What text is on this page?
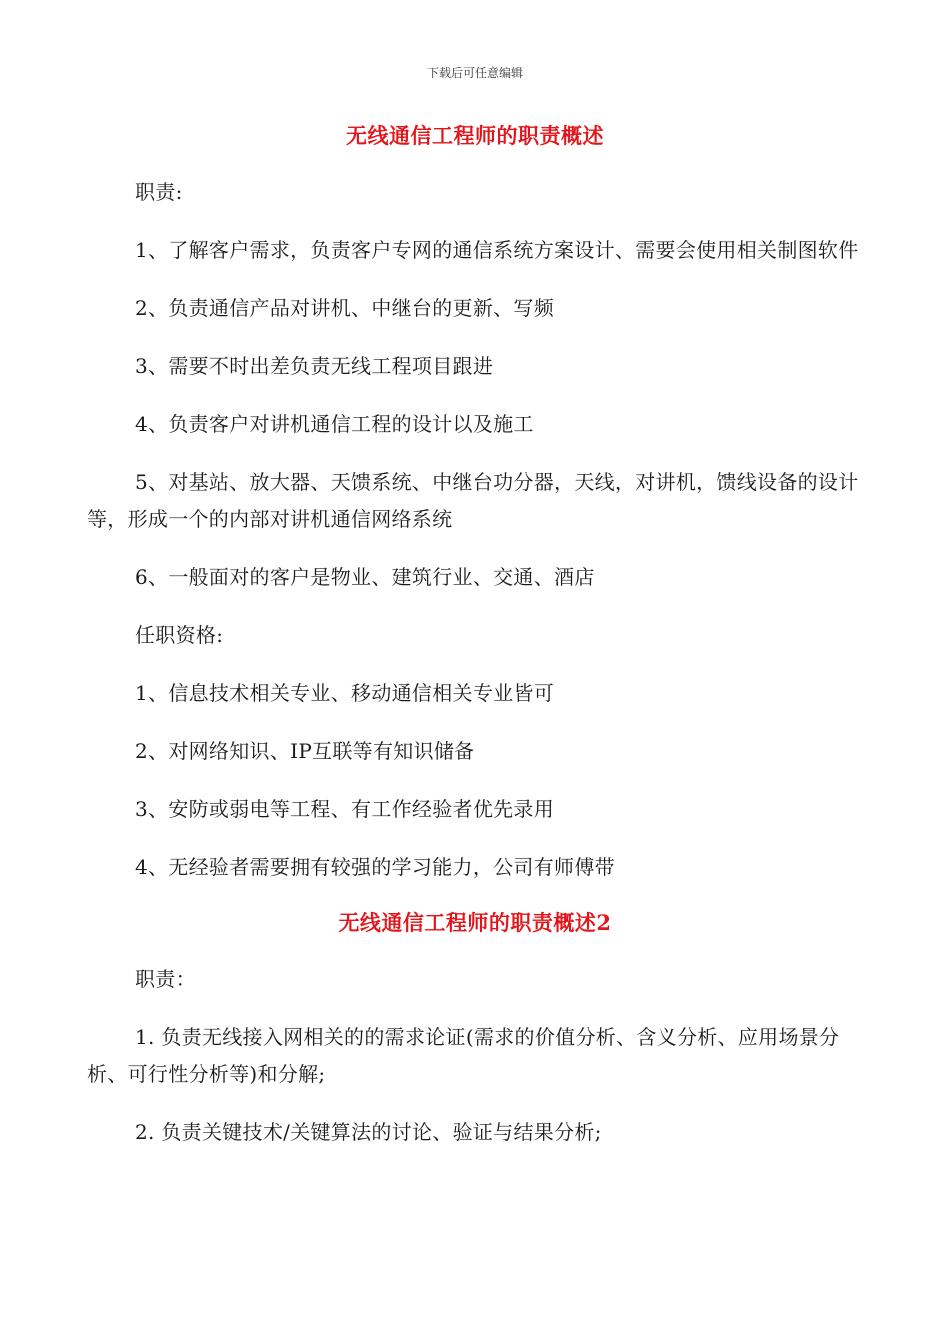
下载后可任意编辑
无线通信工程师的职责概述

职责:

1、了解客户需求，负责客户专网的通信系统方案设计、需要会使用相关制图软件

2、负责通信产品对讲机、中继台的更新、写频

3、需要不时出差负责无线工程项目跟进

4、负责客户对讲机通信工程的设计以及施工

5、对基站、放大器、天馈系统、中继台功分器，天线，对讲机，馈线设备的设计等，形成一个的内部对讲机通信网络系统

6、一般面对的客户是物业、建筑行业、交通、酒店

任职资格:

1、信息技术相关专业、移动通信相关专业皆可

2、对网络知识、IP互联等有知识储备

3、安防或弱电等工程、有工作经验者优先录用

4、无经验者需要拥有较强的学习能力，公司有师傅带

无线通信工程师的职责概述2

职责：

1. 负责无线接入网相关的的需求论证(需求的价值分析、含义分析、应用场景分析、可行性分析等)和分解;

2. 负责关键技术/关键算法的讨论、验证与结果分析;
